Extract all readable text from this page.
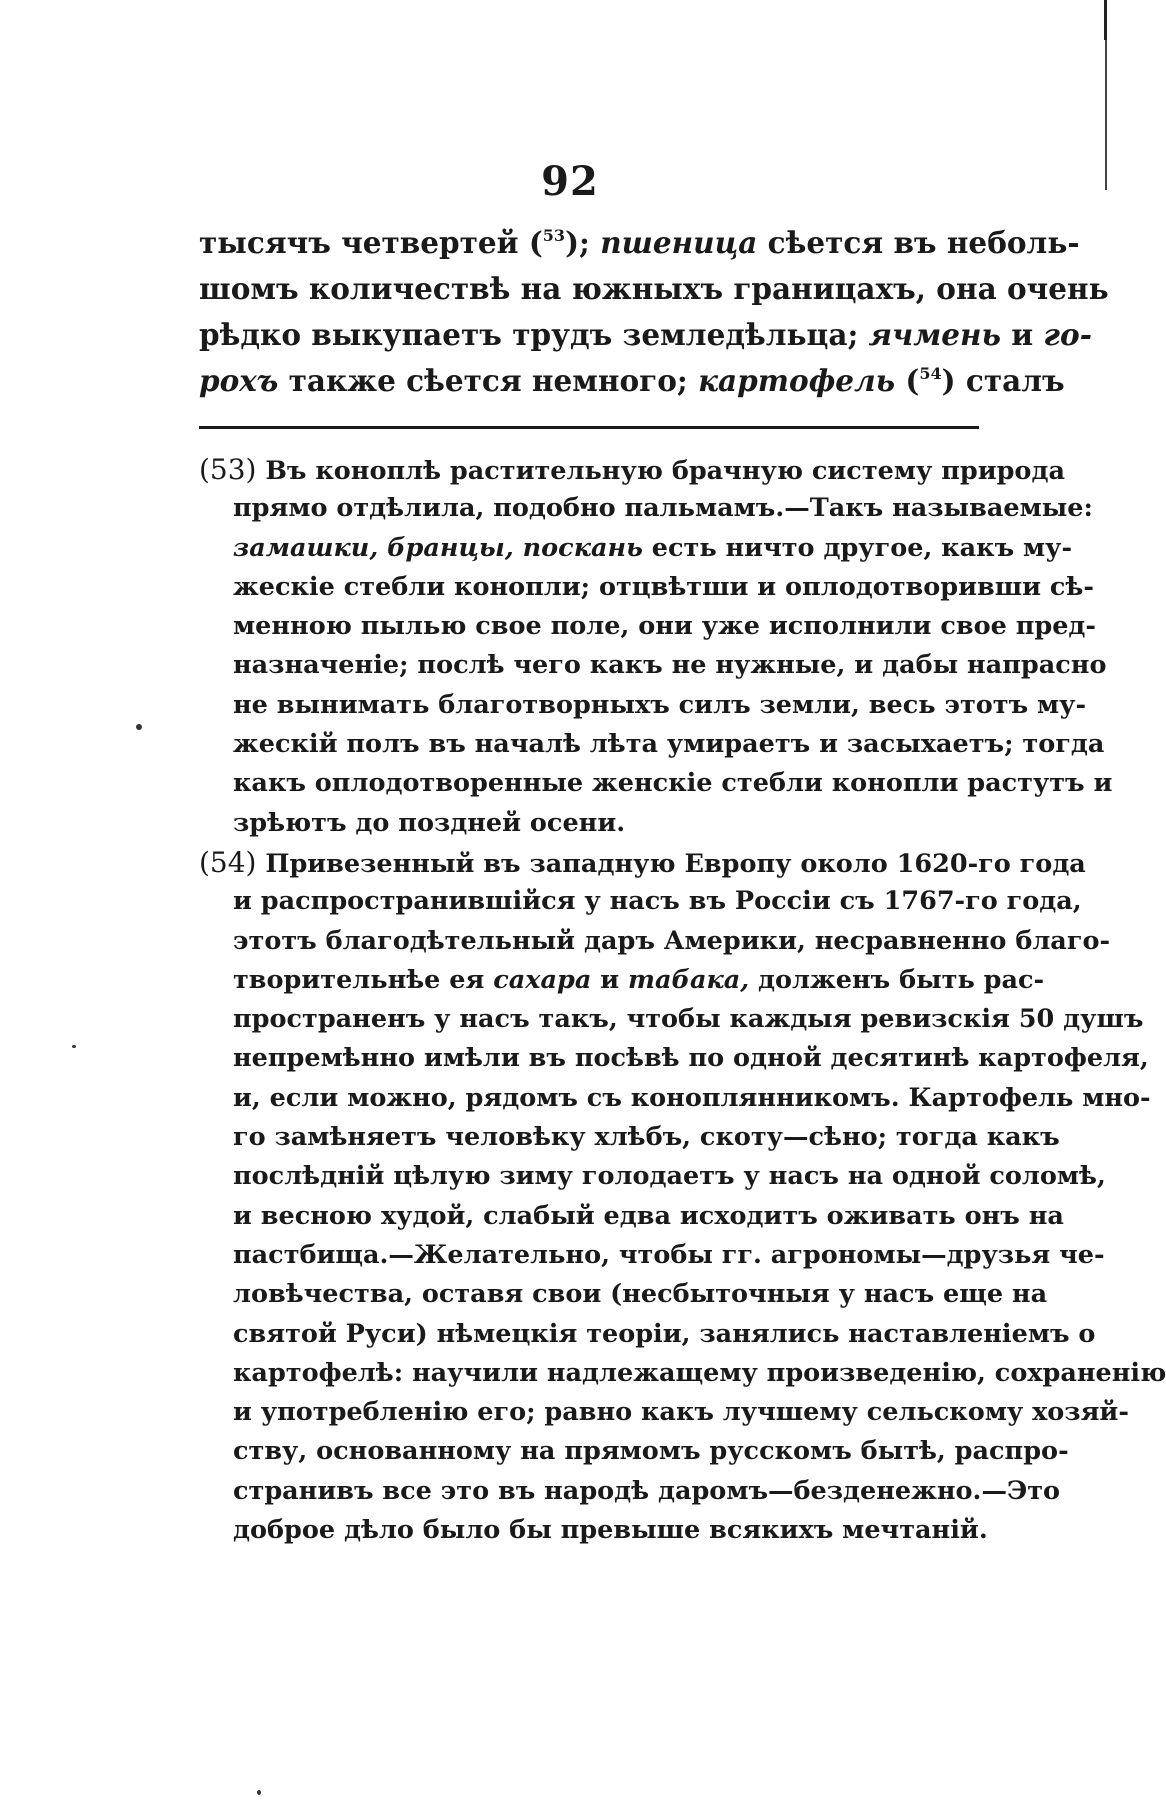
92
тысячъ четвертей ($^{53}$); пшеница сѣется въ неболь-
шомъ количествѣ на южныхъ границахъ, она очень
рѣдко выкупаетъ трудъ земледѣльца; ячмень и го-
рохъ также сѣется немного; картофель ($^{54}$) сталъ
(53) Въ коноплѣ растительную брачную систему природа
прямо отдѣлила, подобно пальмамъ.—Такъ называемые:
замашки, бранцы, поскань есть ничто другое, какъ му-
жескіе стебли конопли; отцвѣтши и оплодотворивши сѣ-
менною пылью свое поле, они уже исполнили свое пред-
назначеніе; послѣ чего какъ не нужные, и дабы напрасно
не вынимать благотворныхъ силъ земли, весь этотъ му-
жескій полъ въ началѣ лѣта умираетъ и засыхаетъ; тогда
какъ оплодотворенные женскіе стебли конопли растутъ и
зрѣютъ до поздней осени.
(54) Привезенный въ западную Европу около 1620-го года
и распространившійся у насъ въ Россіи съ 1767-го года,
этотъ благодѣтельный даръ Америки, несравненно благо-
творительнѣе ея сахара и табака, долженъ быть рас-
пространенъ у насъ такъ, чтобы каждыя ревизскія 50 душъ
непремѣнно имѣли въ посѣвѣ по одной десятинѣ картофеля,
и, если можно, рядомъ съ коноплянникомъ. Картофель мно-
го замѣняетъ человѣку хлѣбъ, скоту—сѣно; тогда какъ
послѣдній цѣлую зиму голодаетъ у насъ на одной соломѣ,
и весною худой, слабый едва исходитъ оживать онъ на
пастбища.—Желательно, чтобы гг. агрономы—друзья че-
ловѣчества, оставя свои (несбыточныя у насъ еще на
святой Руси) нѣмецкія теоріи, занялись наставленіемъ о
картофелѣ: научили надлежащему произведенію, сохраненію
и употребленію его; равно какъ лучшему сельскому хозяй-
ству, основанному на прямомъ русскомъ бытѣ, распро-
странивъ все это въ народѣ даромъ—безденежно.—Это
доброе дѣло было бы превыше всякихъ мечтаній.
